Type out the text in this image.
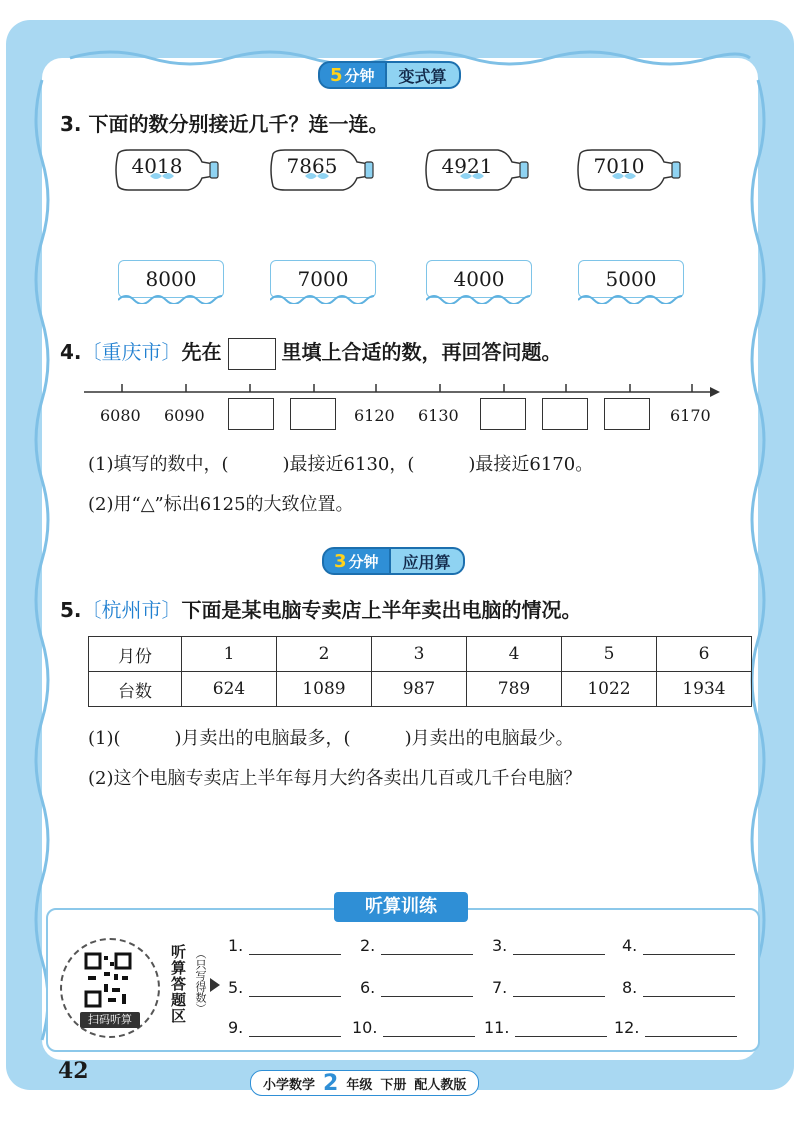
5 分钟	变式算
3. 下面的数分别接近几千？连一连。
4018	7865	4921	7010
8000	7000	4000	5000
4.〔重庆市〕先在	里填上合适的数，再回答问题。
6080 6090	6120 6130	6170
(1)填写的数中，(　　　)最接近6130，(　　　)最接近6170。
(2)用“△”标出6125的大致位置。
3 分钟	应用算
5.〔杭州市〕下面是某电脑专卖店上半年卖出电脑的情况。
月份	1	2	3	4	5	6
台数	624	1089	987	789	1022	1934
(1)(　　　)月卖出的电脑最多，(　　　)月卖出的电脑最少。
(2)这个电脑专卖店上半年每月大约各卖出几百或几千台电脑？
听算训练
扫码听算	听算答题区 （只写得数）
1.	2.	3.	4.
5.	6.	7.	8.
9.	10.	11.	12.
42
小学数学 2 年级 下册 配人教版
